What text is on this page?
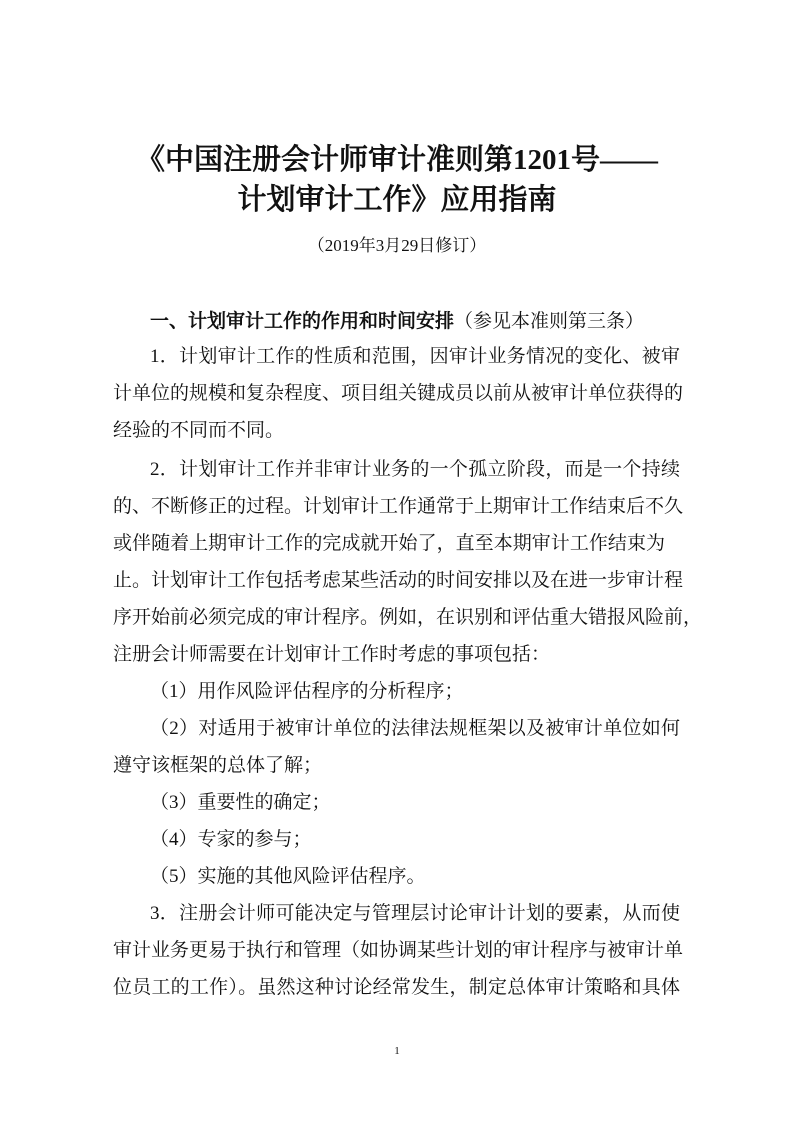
《中国注册会计师审计准则第1201号——
计划审计工作》应用指南
（2019年3月29日修订）
一、计划审计工作的作用和时间安排（参见本准则第三条）
1．计划审计工作的性质和范围，因审计业务情况的变化、被审
计单位的规模和复杂程度、项目组关键成员以前从被审计单位获得的
经验的不同而不同。
2．计划审计工作并非审计业务的一个孤立阶段，而是一个持续
的、不断修正的过程。计划审计工作通常于上期审计工作结束后不久
或伴随着上期审计工作的完成就开始了，直至本期审计工作结束为
止。计划审计工作包括考虑某些活动的时间安排以及在进一步审计程
序开始前必须完成的审计程序。例如，在识别和评估重大错报风险前，
注册会计师需要在计划审计工作时考虑的事项包括：
（1）用作风险评估程序的分析程序；
（2）对适用于被审计单位的法律法规框架以及被审计单位如何
遵守该框架的总体了解；
（3）重要性的确定；
（4）专家的参与；
（5）实施的其他风险评估程序。
3．注册会计师可能决定与管理层讨论审计计划的要素，从而使
审计业务更易于执行和管理（如协调某些计划的审计程序与被审计单
位员工的工作）。虽然这种讨论经常发生，制定总体审计策略和具体
1
